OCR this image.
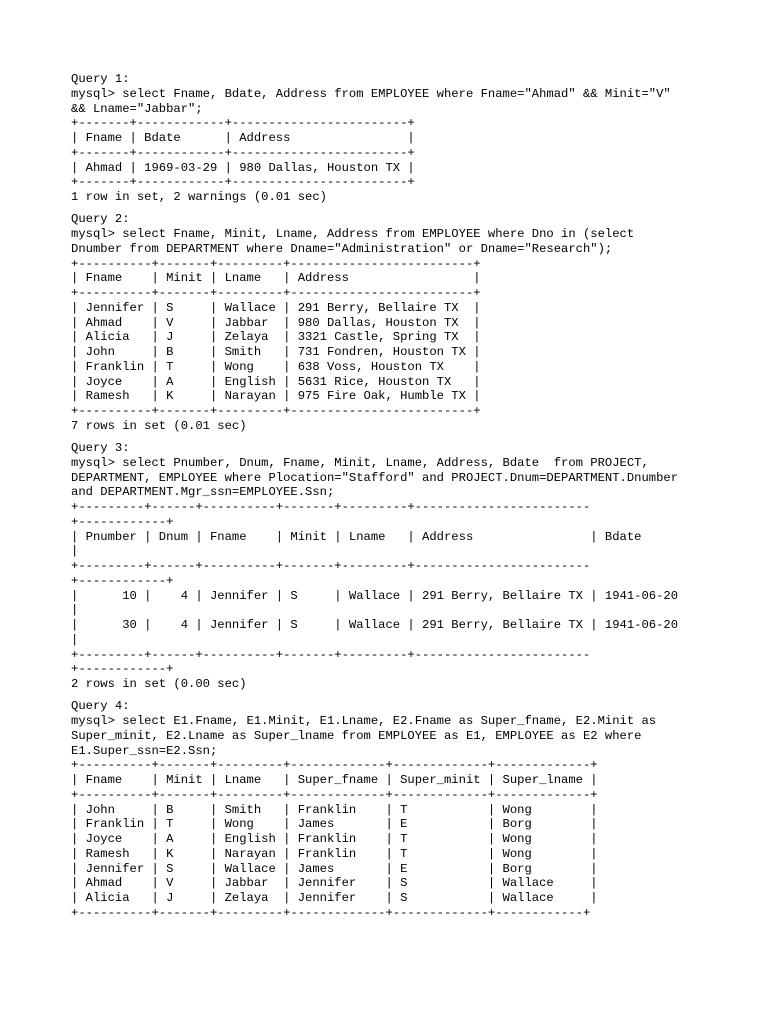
Query 1:
mysql> select Fname, Bdate, Address from EMPLOYEE where Fname="Ahmad" && Minit="V"
&& Lname="Jabbar";
+-------+------------+------------------------+
| Fname | Bdate      | Address                |
+-------+------------+------------------------+
| Ahmad | 1969-03-29 | 980 Dallas, Houston TX |
+-------+------------+------------------------+
1 row in set, 2 warnings (0.01 sec)
Query 2:
mysql> select Fname, Minit, Lname, Address from EMPLOYEE where Dno in (select
Dnumber from DEPARTMENT where Dname="Administration" or Dname="Research");
+----------+-------+---------+-------------------------+
| Fname    | Minit | Lname   | Address                 |
+----------+-------+---------+-------------------------+
| Jennifer | S     | Wallace | 291 Berry, Bellaire TX  |
| Ahmad    | V     | Jabbar  | 980 Dallas, Houston TX  |
| Alicia   | J     | Zelaya  | 3321 Castle, Spring TX  |
| John     | B     | Smith   | 731 Fondren, Houston TX |
| Franklin | T     | Wong    | 638 Voss, Houston TX    |
| Joyce    | A     | English | 5631 Rice, Houston TX   |
| Ramesh   | K     | Narayan | 975 Fire Oak, Humble TX |
+----------+-------+---------+-------------------------+
7 rows in set (0.01 sec)
Query 3:
mysql> select Pnumber, Dnum, Fname, Minit, Lname, Address, Bdate  from PROJECT,
DEPARTMENT, EMPLOYEE where Plocation="Stafford" and PROJECT.Dnum=DEPARTMENT.Dnumber
and DEPARTMENT.Mgr_ssn=EMPLOYEE.Ssn;
+---------+------+----------+-------+---------+------------------------
+------------+
| Pnumber | Dnum | Fname    | Minit | Lname   | Address                | Bdate
|
+---------+------+----------+-------+---------+------------------------
+------------+
|      10 |    4 | Jennifer | S     | Wallace | 291 Berry, Bellaire TX | 1941-06-20
|
|      30 |    4 | Jennifer | S     | Wallace | 291 Berry, Bellaire TX | 1941-06-20
|
+---------+------+----------+-------+---------+------------------------
+------------+
2 rows in set (0.00 sec)
Query 4:
mysql> select E1.Fname, E1.Minit, E1.Lname, E2.Fname as Super_fname, E2.Minit as
Super_minit, E2.Lname as Super_lname from EMPLOYEE as E1, EMPLOYEE as E2 where
E1.Super_ssn=E2.Ssn;
+----------+-------+---------+-------------+-------------+-------------+
| Fname    | Minit | Lname   | Super_fname | Super_minit | Super_lname |
+----------+-------+---------+-------------+-------------+-------------+
| John     | B     | Smith   | Franklin    | T           | Wong        |
| Franklin | T     | Wong    | James       | E           | Borg        |
| Joyce    | A     | English | Franklin    | T           | Wong        |
| Ramesh   | K     | Narayan | Franklin    | T           | Wong        |
| Jennifer | S     | Wallace | James       | E           | Borg        |
| Ahmad    | V     | Jabbar  | Jennifer    | S           | Wallace     |
| Alicia   | J     | Zelaya  | Jennifer    | S           | Wallace     |
+----------+-------+---------+-------------+-------------+------------+
